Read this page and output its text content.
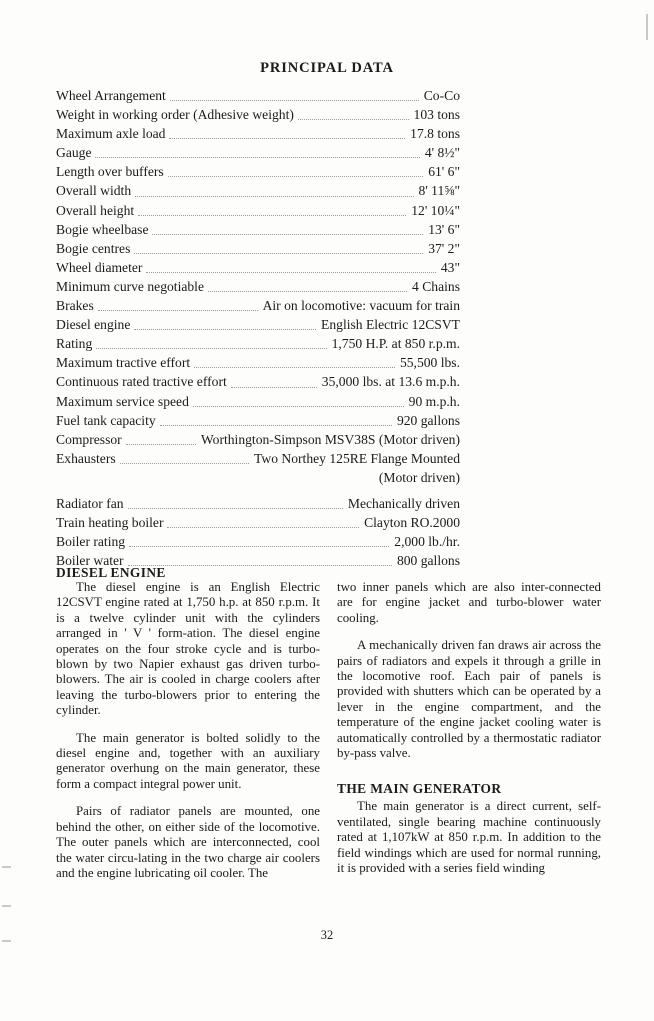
PRINCIPAL DATA
Wheel Arrangement	Co-Co
Weight in working order (Adhesive weight)	103 tons
Maximum axle load	17.8 tons
Gauge	4' 8½"
Length over buffers	61' 6"
Overall width	8' 11⅝"
Overall height	12' 10¼"
Bogie wheelbase	13' 6"
Bogie centres	37' 2"
Wheel diameter	43"
Minimum curve negotiable	4 Chains
Brakes	Air on locomotive: vacuum for train
Diesel engine	English Electric 12CSVT
Rating	1,750 H.P. at 850 r.p.m.
Maximum tractive effort	55,500 lbs.
Continuous rated tractive effort	35,000 lbs. at 13.6 m.p.h.
Maximum service speed	90 m.p.h.
Fuel tank capacity	920 gallons
Compressor	Worthington-Simpson MSV38S (Motor driven)
Exhausters	Two Northey 125RE Flange Mounted
(Motor driven)
Radiator fan	Mechanically driven
Train heating boiler	Clayton RO.2000
Boiler rating	2,000 lb./hr.
Boiler water	800 gallons
DIESEL ENGINE

The diesel engine is an English Electric 12CSVT engine rated at 1,750 h.p. at 850 r.p.m. It is a twelve cylinder unit with the cylinders arranged in ' V ' form-ation. The diesel engine operates on the four stroke cycle and is turbo-blown by two Napier exhaust gas driven turbo-blowers. The air is cooled in charge coolers after leaving the turbo-blowers prior to entering the cylinder.

The main generator is bolted solidly to the diesel engine and, together with an auxiliary generator overhung on the main generator, these form a compact integral power unit.

Pairs of radiator panels are mounted, one behind the other, on either side of the locomotive. The outer panels which are interconnected, cool the water circu-lating in the two charge air coolers and the engine lubricating oil cooler. The

THE MAIN GENERATOR

two inner panels which are also inter-connected are for engine jacket and turbo-blower water cooling.

A mechanically driven fan draws air across the pairs of radiators and expels it through a grille in the locomotive roof. Each pair of panels is provided with shutters which can be operated by a lever in the engine compartment, and the temperature of the engine jacket cooling water is automatically controlled by a thermostatic radiator by-pass valve.

The main generator is a direct current, self-ventilated, single bearing machine continuously rated at 1,107kW at 850 r.p.m. In addition to the field windings which are used for normal running, it is provided with a series field winding

32
